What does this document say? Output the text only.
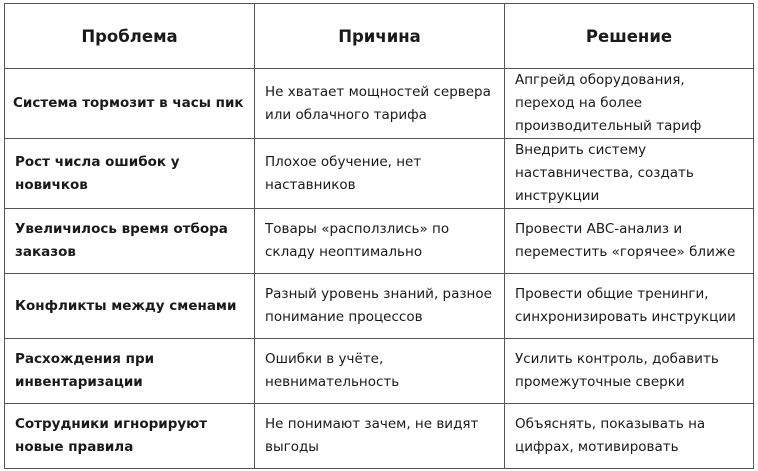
Проблема	Причина	Решение
Система тормозит в часы пик	Не хватает мощностей сервера или облачного тарифа	Апгрейд оборудования, переход на более производительный тариф
Рост числа ошибок у новичков	Плохое обучение, нет наставников	Внедрить систему наставничества, создать инструкции
Увеличилось время отбора заказов	Товары «расползлись» по складу неоптимально	Провести ABC-анализ и переместить «горячее» ближе
Конфликты между сменами	Разный уровень знаний, разное понимание процессов	Провести общие тренинги, синхронизировать инструкции
Расхождения при инвентаризации	Ошибки в учёте, невнимательность	Усилить контроль, добавить промежуточные сверки
Сотрудники игнорируют новые правила	Не понимают зачем, не видят выгоды	Объяснять, показывать на цифрах, мотивировать
